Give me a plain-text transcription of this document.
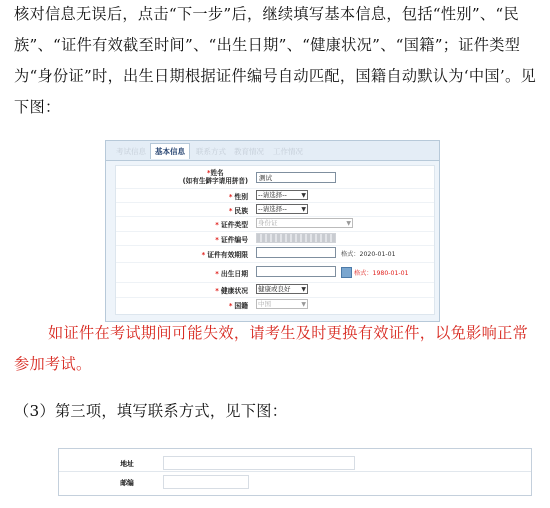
核对信息无误后，点击“下一步”后，继续填写基本信息，包括“性别”、“民族”、“证件有效截至时间”、“出生日期”、“健康状况”、“国籍”；证件类型为“身份证”时，出生日期根据证件编号自动匹配，国籍自动默认为‘中国’。见下图：

考试信息	基本信息	联系方式	教育情况	工作情况
*姓名
(如有生僻字请用拼音)	测试
* 性别	--请选择-- ▼
* 民族	--请选择-- ▼
* 证件类型	身份证	▼
* 证件编号
* 证件有效期限	格式：2020-01-01
* 出生日期	格式：1980-01-01
* 健康状况	健康或良好 ▼
* 国籍	中国	▼

如证件在考试期间可能失效，请考生及时更换有效证件，以免影响正常参加考试。

（3）第三项，填写联系方式，见下图：

地址
邮编
